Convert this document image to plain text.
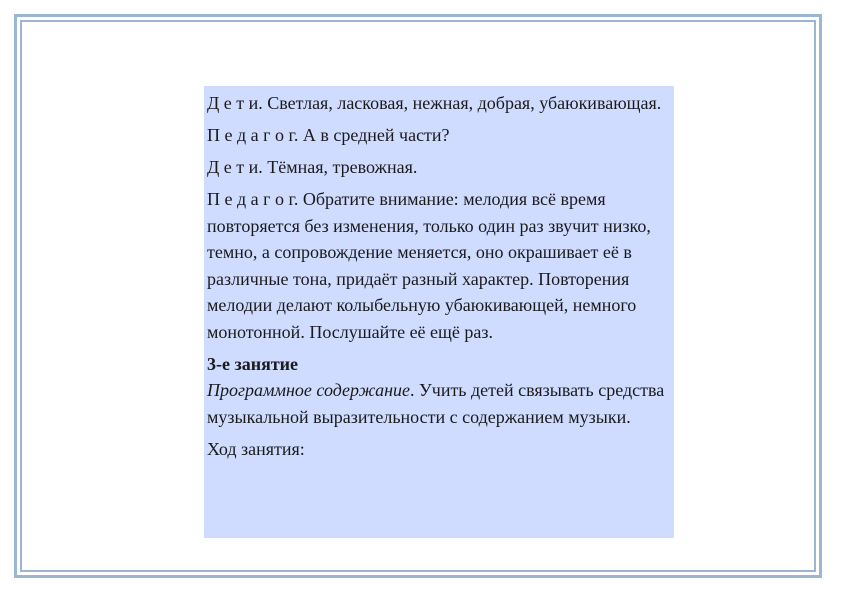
Д е т и. Светлая, ласковая, нежная, добрая, убаюкивающая.

П е д а г о г. А в средней части?

Д е т и. Тёмная, тревожная.

П е д а г о г. Обратите внимание: мелодия всё время повторяется без изменения, только один раз звучит низко, темно, а сопровождение меняется, оно окрашивает её в различные тона, придаёт разный характер. Повторения мелодии делают колыбельную убаюкивающей, немного монотонной. Послушайте её ещё раз.

3-е занятие

Программное содержание. Учить детей связывать средства музыкальной выразительности с содержанием музыки.

Ход занятия:
